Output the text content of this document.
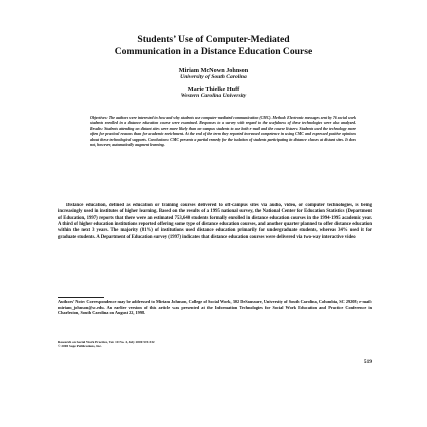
Students’ Use of Computer-Mediated
Communication in a Distance Education Course
Miriam McNown Johnson
University of South Carolina
Marie Thielke Huff
Western Carolina University
Objectives: The authors were interested in how and why students use computer-mediated communication (CMC). Method: Electronic messages sent by 76 social work students enrolled in a distance education course were examined. Responses to a survey with regard to the usefulness of these technologies were also analyzed. Results: Students attending on distant sites were more likely than on-campus students to use both e-mail and the course listserv. Students used the technology more often for practical reasons than for academic enrichment. At the end of the term they reported increased competence in using CMC and expressed positive opinions about these technological supports. Conclusions: CMC presents a partial remedy for the isolation of students participating in distance classes at distant sites. It does not, however, automatically augment learning.
Distance education, defined as education or training courses delivered to off-campus sites via audio, video, or computer technologies, is being increasingly used in institutes of higher learning. Based on the results of a 1995 national survey, the National Center for Education Statistics (Department of Education, 1997) reports that there were an estimated 753,640 students formally enrolled in distance education courses in the 1994-1995 academic year. A third of higher education institutions reported offering some type of distance education courses, and another quarter planned to offer distance education within the next 3 years. The majority (81%) of institutions used distance education primarily for undergraduate students, whereas 34% used it for graduate students. A Department of Education survey (1997) indicates that distance education courses were delivered via two-way interactive video
Authors’ Note: Correspondence may be addressed to Miriam Johnson, College of Social Work, 302 DeSaussure, University of South Carolina, Columbia, SC 29208; e-mail: miriam_johnson@sc.edu. An earlier version of this article was presented at the Information Technologies for Social Work Education and Practice Conference in Charleston, South Carolina on August 22, 1998.
Research on Social Work Practice, Vol. 10 No. 4, July 2000 519-532
© 2000 Sage Publications, Inc.
519
